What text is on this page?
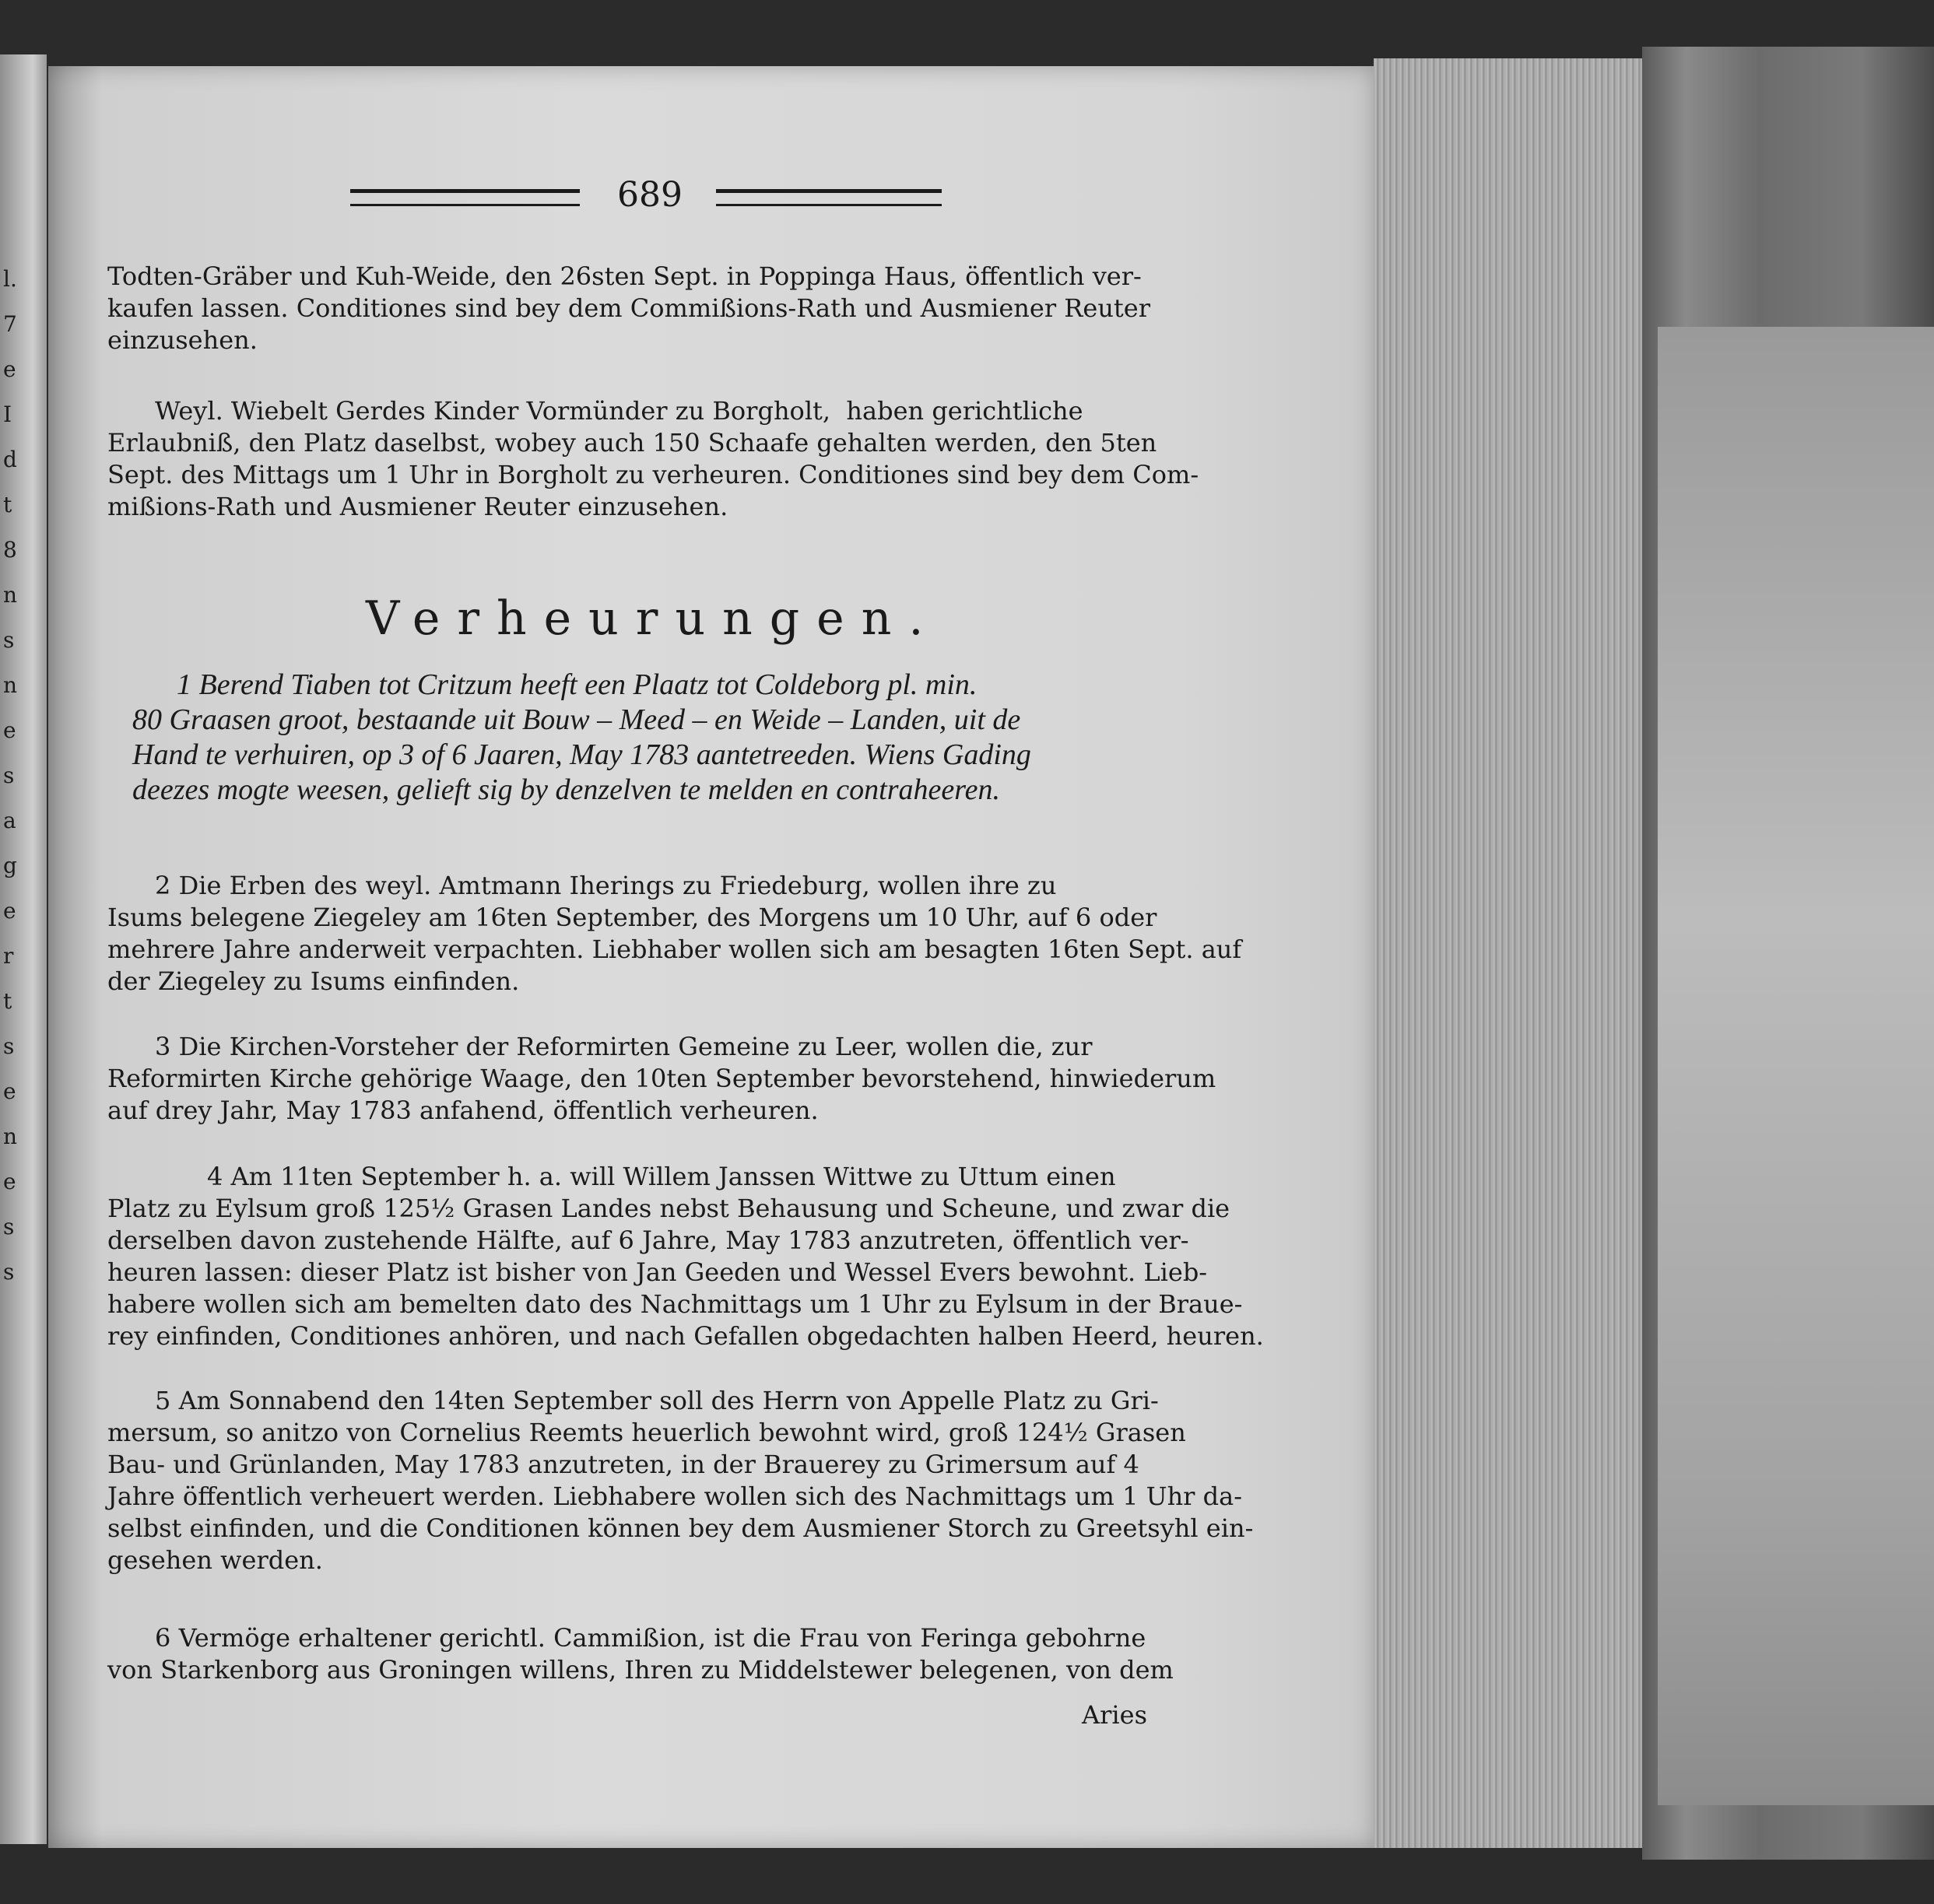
l.
7
e
I
d
t
8
n
s
n
e
s
a
g
e
r
t
s
e
n
e
s
s
689
Todten-Gräber und Kuh-Weide, den 26sten Sept. in Poppinga Haus, öffentlich ver-
kaufen lassen. Conditiones sind bey dem Commißions-Rath und Ausmiener Reuter
einzusehen.
Weyl. Wiebelt Gerdes Kinder Vormünder zu Borgholt,  haben gerichtliche
Erlaubniß, den Platz daselbst, wobey auch 150 Schaafe gehalten werden, den 5ten
Sept. des Mittags um 1 Uhr in Borgholt zu verheuren. Conditiones sind bey dem Com-
mißions-Rath und Ausmiener Reuter einzusehen.
Verheurungen.
1 Berend Tiaben tot Critzum heeft een Plaatz tot Coldeborg pl. min.
80 Graasen groot, bestaande uit Bouw – Meed – en Weide – Landen, uit de
Hand te verhuiren, op 3 of 6 Jaaren, May 1783 aantetreeden. Wiens Gading
deezes mogte weesen, gelieft sig by denzelven te melden en contraheeren.
2 Die Erben des weyl. Amtmann Iherings zu Friedeburg, wollen ihre zu
Isums belegene Ziegeley am 16ten September, des Morgens um 10 Uhr, auf 6 oder
mehrere Jahre anderweit verpachten. Liebhaber wollen sich am besagten 16ten Sept. auf
der Ziegeley zu Isums einfinden.
3 Die Kirchen-Vorsteher der Reformirten Gemeine zu Leer, wollen die, zur
Reformirten Kirche gehörige Waage, den 10ten September bevorstehend, hinwiederum
auf drey Jahr, May 1783 anfahend, öffentlich verheuren.
4 Am 11ten September h. a. will Willem Janssen Wittwe zu Uttum einen
Platz zu Eylsum groß 125½ Grasen Landes nebst Behausung und Scheune, und zwar die
derselben davon zustehende Hälfte, auf 6 Jahre, May 1783 anzutreten, öffentlich ver-
heuren lassen: dieser Platz ist bisher von Jan Geeden und Wessel Evers bewohnt. Lieb-
habere wollen sich am bemelten dato des Nachmittags um 1 Uhr zu Eylsum in der Braue-
rey einfinden, Conditiones anhören, und nach Gefallen obgedachten halben Heerd, heuren.
5 Am Sonnabend den 14ten September soll des Herrn von Appelle Platz zu Gri-
mersum, so anitzo von Cornelius Reemts heuerlich bewohnt wird, groß 124½ Grasen
Bau- und Grünlanden, May 1783 anzutreten, in der Brauerey zu Grimersum auf 4
Jahre öffentlich verheuert werden. Liebhabere wollen sich des Nachmittags um 1 Uhr da-
selbst einfinden, und die Conditionen können bey dem Ausmiener Storch zu Greetsyhl ein-
gesehen werden.
6 Vermöge erhaltener gerichtl. Cammißion, ist die Frau von Feringa gebohrne
von Starkenborg aus Groningen willens, Ihren zu Middelstewer belegenen, von dem
Aries
